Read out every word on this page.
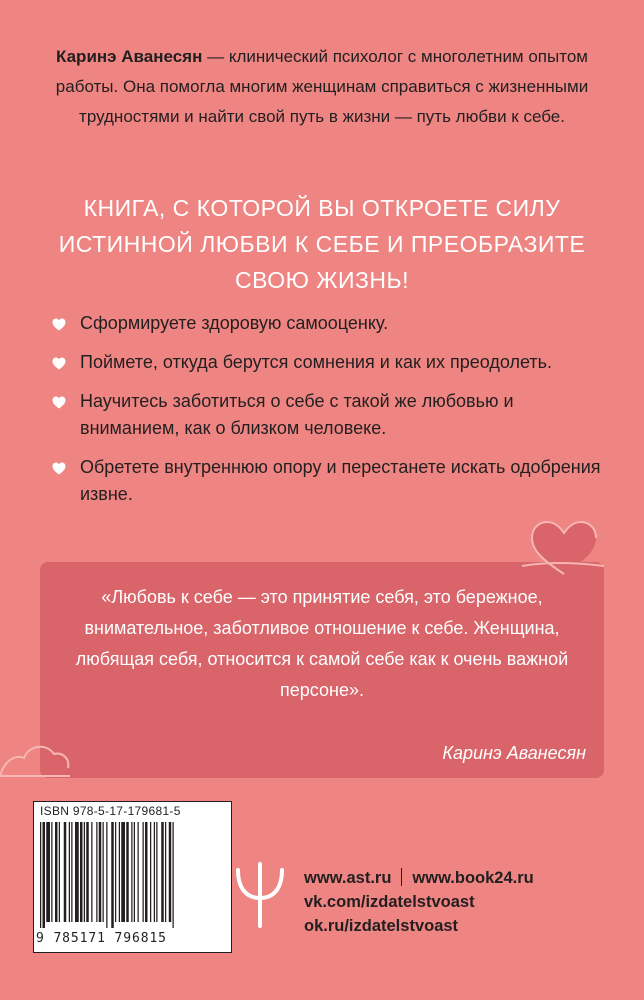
Каринэ Аванесян — клинический психолог с многолетним опытом работы. Она помогла многим женщинам справиться с жизненными трудностями и найти свой путь в жизни — путь любви к себе.
КНИГА, С КОТОРОЙ ВЫ ОТКРОЕТЕ СИЛУ ИСТИННОЙ ЛЮБВИ К СЕБЕ И ПРЕОБРАЗИТЕ СВОЮ ЖИЗНЬ!
Сформируете здоровую самооценку.
Поймете, откуда берутся сомнения и как их преодолеть.
Научитесь заботиться о себе с такой же любовью и вниманием, как о близком человеке.
Обретете внутреннюю опору и перестанете искать одобрения извне.
«Любовь к себе — это принятие себя, это бережное, внимательное, заботливое отношение к себе. Женщина, любящая себя, относится к самой себе как к очень важной персоне».
Каринэ Аванесян
ISBN 978-5-17-179681-5
9 785171 796815
www.ast.ru www.book24.ru
vk.com/izdatelstvoast
ok.ru/izdatelstvoast
